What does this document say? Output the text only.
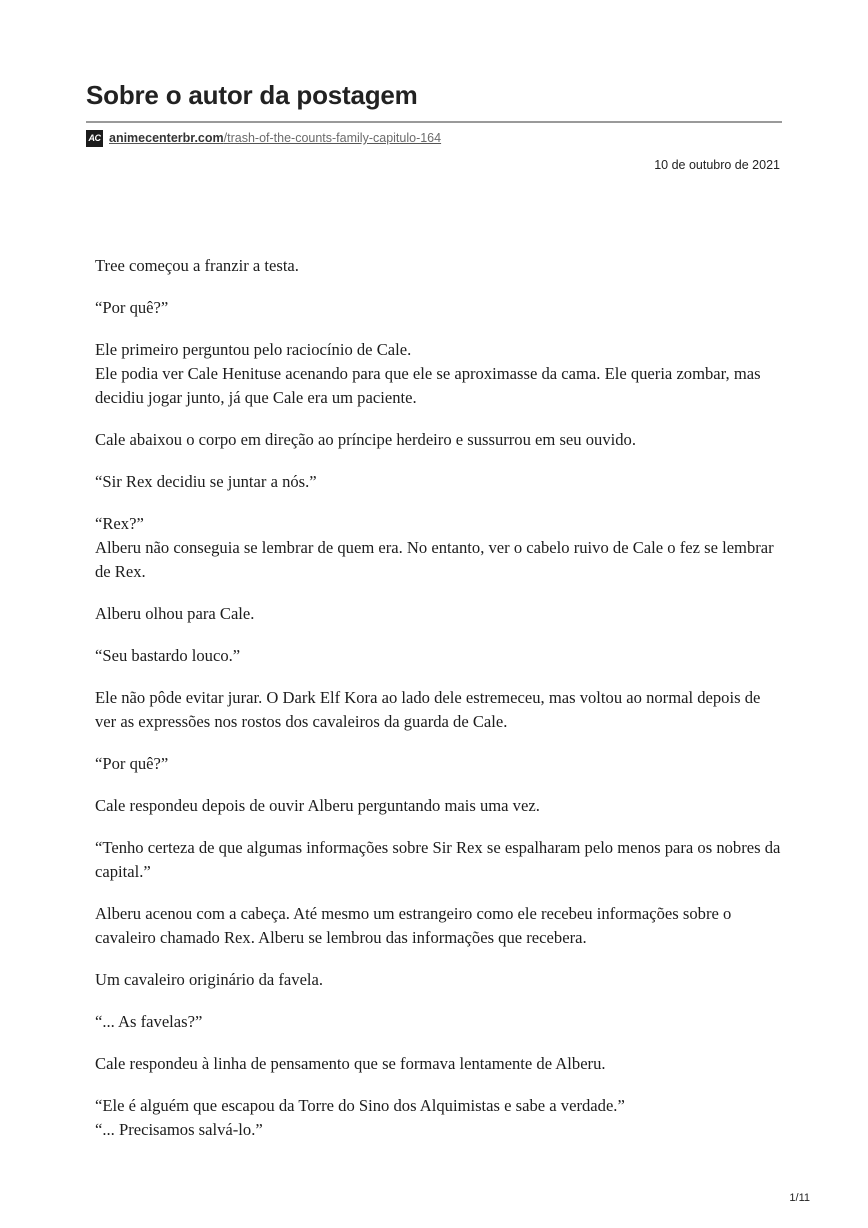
Sobre o autor da postagem
AC animecenterbr.com/trash-of-the-counts-family-capitulo-164
10 de outubro de 2021

Tree começou a franzir a testa.

“Por quê?”

Ele primeiro perguntou pelo raciocínio de Cale.
Ele podia ver Cale Henituse acenando para que ele se aproximasse da cama. Ele queria zombar, mas decidiu jogar junto, já que Cale era um paciente.

Cale abaixou o corpo em direção ao príncipe herdeiro e sussurrou em seu ouvido.

“Sir Rex decidiu se juntar a nós.”

“Rex?”
Alberu não conseguia se lembrar de quem era. No entanto, ver o cabelo ruivo de Cale o fez se lembrar de Rex.

Alberu olhou para Cale.

“Seu bastardo louco.”

Ele não pôde evitar jurar. O Dark Elf Kora ao lado dele estremeceu, mas voltou ao normal depois de ver as expressões nos rostos dos cavaleiros da guarda de Cale.

“Por quê?”

Cale respondeu depois de ouvir Alberu perguntando mais uma vez.

“Tenho certeza de que algumas informações sobre Sir Rex se espalharam pelo menos para os nobres da capital.”

Alberu acenou com a cabeça. Até mesmo um estrangeiro como ele recebeu informações sobre o cavaleiro chamado Rex. Alberu se lembrou das informações que recebera.

Um cavaleiro originário da favela.

“... As favelas?”

Cale respondeu à linha de pensamento que se formava lentamente de Alberu.

“Ele é alguém que escapou da Torre do Sino dos Alquimistas e sabe a verdade.”
“... Precisamos salvá-lo.”

1/11
